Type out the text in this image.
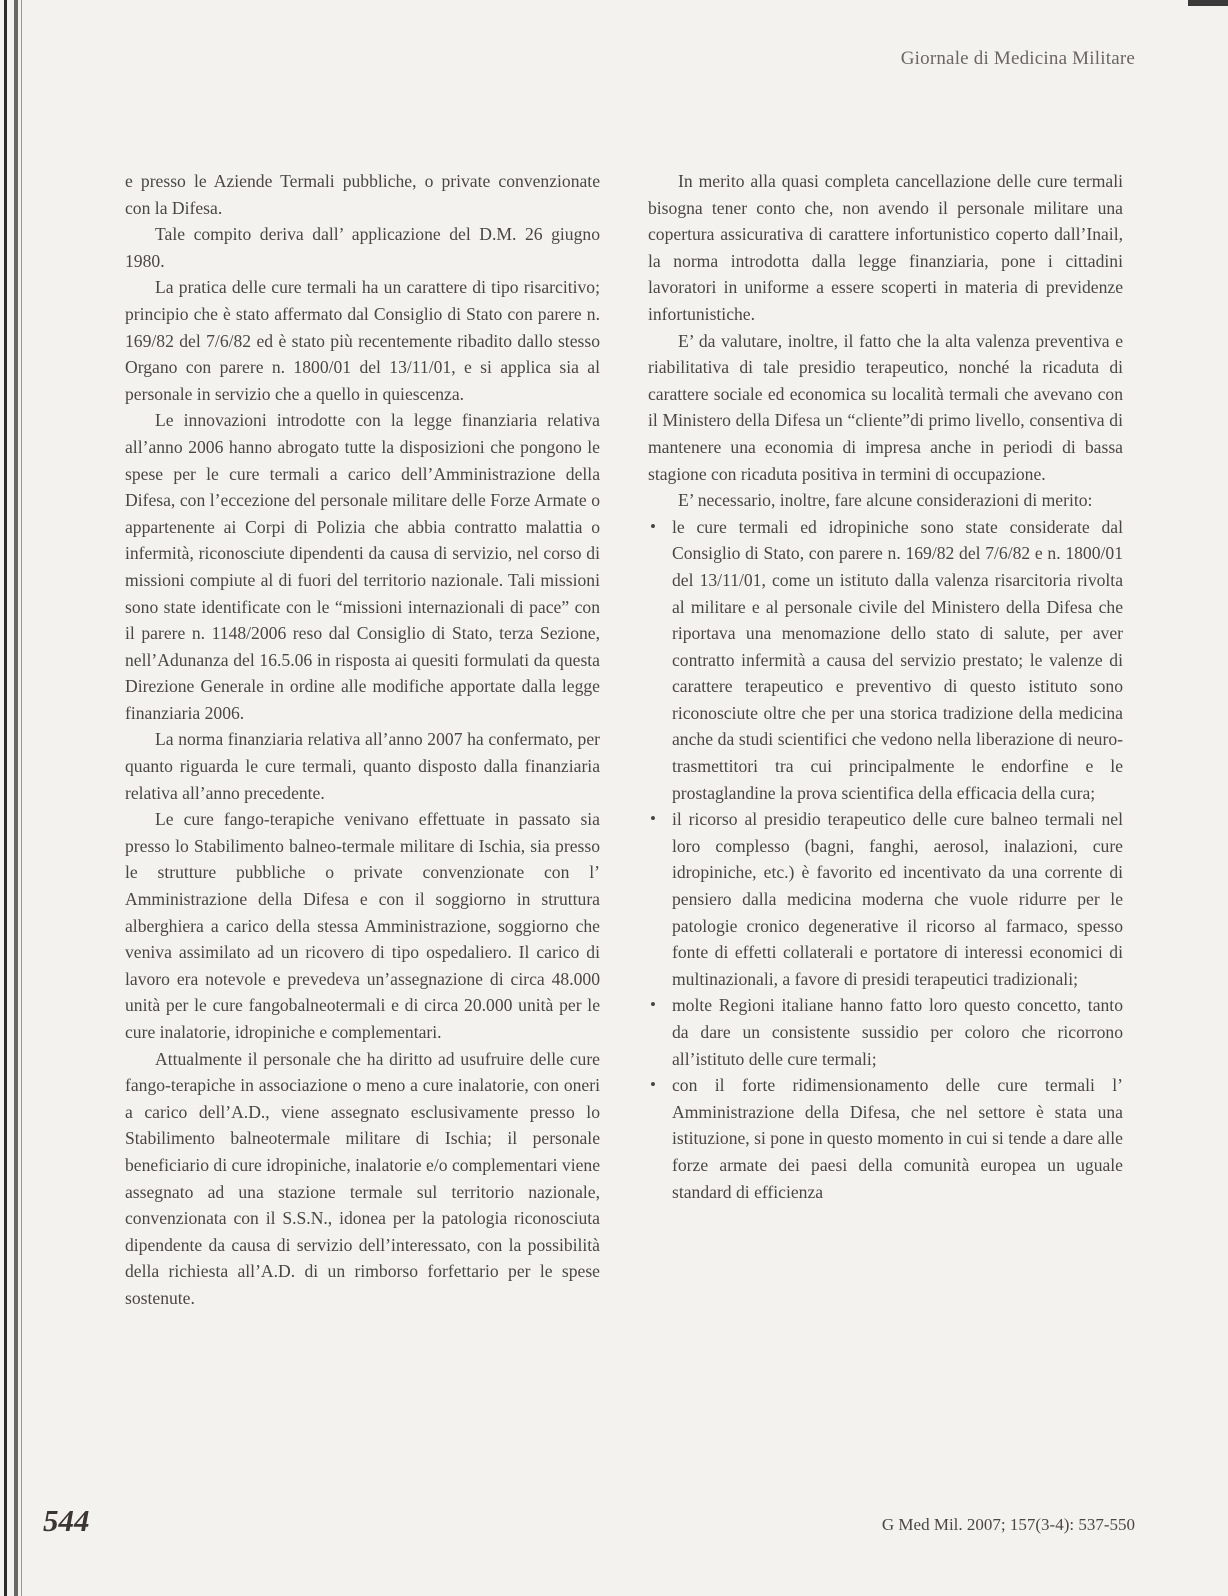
Giornale di Medicina Militare

e presso le Aziende Termali pubbliche, o private convenzionate con la Difesa.

Tale compito deriva dall’ applicazione del D.M. 26 giugno 1980.

La pratica delle cure termali ha un carattere di tipo risarcitivo; principio che è stato affermato dal Consiglio di Stato con parere n. 169/82 del 7/6/82 ed è stato più recentemente ribadito dallo stesso Organo con parere n. 1800/01 del 13/11/01, e si applica sia al personale in servizio che a quello in quiescenza.

Le innovazioni introdotte con la legge finanziaria relativa all’anno 2006 hanno abrogato tutte la disposizioni che pongono le spese per le cure termali a carico dell’Amministrazione della Difesa, con l’eccezione del personale militare delle Forze Armate o appartenente ai Corpi di Polizia che abbia contratto malattia o infermità, riconosciute dipendenti da causa di servizio, nel corso di missioni compiute al di fuori del territorio nazionale. Tali missioni sono state identificate con le “missioni internazionali di pace” con il parere n. 1148/2006 reso dal Consiglio di Stato, terza Sezione, nell’Adunanza del 16.5.06 in risposta ai quesiti formulati da questa Direzione Generale in ordine alle modifiche apportate dalla legge finanziaria 2006.

La norma finanziaria relativa all’anno 2007 ha confermato, per quanto riguarda le cure termali, quanto disposto dalla finanziaria relativa all’anno precedente.

Le cure fango-terapiche venivano effettuate in passato sia presso lo Stabilimento balneo-termale militare di Ischia, sia presso le strutture pubbliche o private convenzionate con l’ Amministrazione della Difesa e con il soggiorno in struttura alberghiera a carico della stessa Amministrazione, soggiorno che veniva assimilato ad un ricovero di tipo ospedaliero. Il carico di lavoro era notevole e prevedeva un’assegnazione di circa 48.000 unità per le cure fangobalneotermali e di circa 20.000 unità per le cure inalatorie, idropiniche e complementari.

Attualmente il personale che ha diritto ad usufruire delle cure fango-terapiche in associazione o meno a cure inalatorie, con oneri a carico dell’A.D., viene assegnato esclusivamente presso lo Stabilimento balneotermale militare di Ischia; il personale beneficiario di cure idropiniche, inalatorie e/o complementari viene assegnato ad una stazione termale sul territorio nazionale, convenzionata con il S.S.N., idonea per la patologia riconosciuta dipendente da causa di servizio dell’interessato, con la possibilità della richiesta all’A.D. di un rimborso forfettario per le spese sostenute.

In merito alla quasi completa cancellazione delle cure termali bisogna tener conto che, non avendo il personale militare una copertura assicurativa di carattere infortunistico coperto dall’Inail, la norma introdotta dalla legge finanziaria, pone i cittadini lavoratori in uniforme a essere scoperti in materia di previdenze infortunistiche.

E’ da valutare, inoltre, il fatto che la alta valenza preventiva e riabilitativa di tale presidio terapeutico, nonché la ricaduta di carattere sociale ed economica su località termali che avevano con il Ministero della Difesa un “cliente”di primo livello, consentiva di mantenere una economia di impresa anche in periodi di bassa stagione con ricaduta positiva in termini di occupazione.

E’ necessario, inoltre, fare alcune considerazioni di merito:

• le cure termali ed idropiniche sono state considerate dal Consiglio di Stato, con parere n. 169/82 del 7/6/82 e n. 1800/01 del 13/11/01, come un istituto dalla valenza risarcitoria rivolta al militare e al personale civile del Ministero della Difesa che riportava una menomazione dello stato di salute, per aver contratto infermità a causa del servizio prestato; le valenze di carattere terapeutico e preventivo di questo istituto sono riconosciute oltre che per una storica tradizione della medicina anche da studi scientifici che vedono nella liberazione di neuro-trasmettitori tra cui principalmente le endorfine e le prostaglandine la prova scientifica della efficacia della cura;
• il ricorso al presidio terapeutico delle cure balneo termali nel loro complesso (bagni, fanghi, aerosol, inalazioni, cure idropiniche, etc.) è favorito ed incentivato da una corrente di pensiero dalla medicina moderna che vuole ridurre per le patologie cronico degenerative il ricorso al farmaco, spesso fonte di effetti collaterali e portatore di interessi economici di multinazionali, a favore di presidi terapeutici tradizionali;
• molte Regioni italiane hanno fatto loro questo concetto, tanto da dare un consistente sussidio per coloro che ricorrono all’istituto delle cure termali;
• con il forte ridimensionamento delle cure termali l’ Amministrazione della Difesa, che nel settore è stata una istituzione, si pone in questo momento in cui si tende a dare alle forze armate dei paesi della comunità europea un uguale standard di efficienza
544	G Med Mil. 2007; 157(3-4): 537-550
